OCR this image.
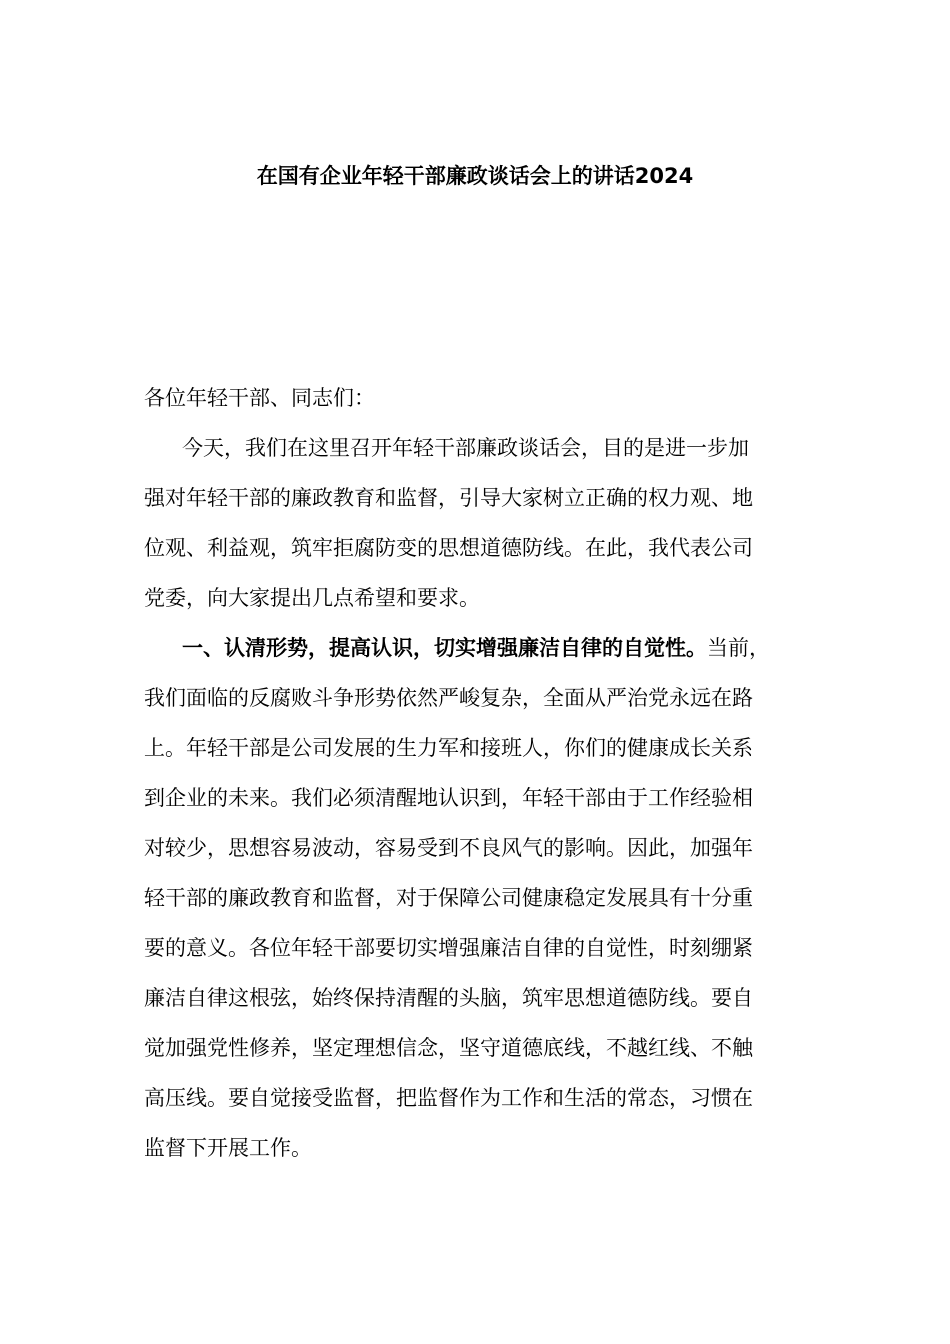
在国有企业年轻干部廉政谈话会上的讲话2024

各位年轻干部、同志们：

今天，我们在这里召开年轻干部廉政谈话会，目的是进一步加
强对年轻干部的廉政教育和监督，引导大家树立正确的权力观、地
位观、利益观，筑牢拒腐防变的思想道德防线。在此，我代表公司
党委，向大家提出几点希望和要求。
一、认清形势，提高认识，切实增强廉洁自律的自觉性。当前，
我们面临的反腐败斗争形势依然严峻复杂，全面从严治党永远在路
上。年轻干部是公司发展的生力军和接班人，你们的健康成长关系
到企业的未来。我们必须清醒地认识到，年轻干部由于工作经验相
对较少，思想容易波动，容易受到不良风气的影响。因此，加强年
轻干部的廉政教育和监督，对于保障公司健康稳定发展具有十分重
要的意义。各位年轻干部要切实增强廉洁自律的自觉性，时刻绷紧
廉洁自律这根弦，始终保持清醒的头脑，筑牢思想道德防线。要自
觉加强党性修养，坚定理想信念，坚守道德底线，不越红线、不触
高压线。要自觉接受监督，把监督作为工作和生活的常态，习惯在
监督下开展工作。
